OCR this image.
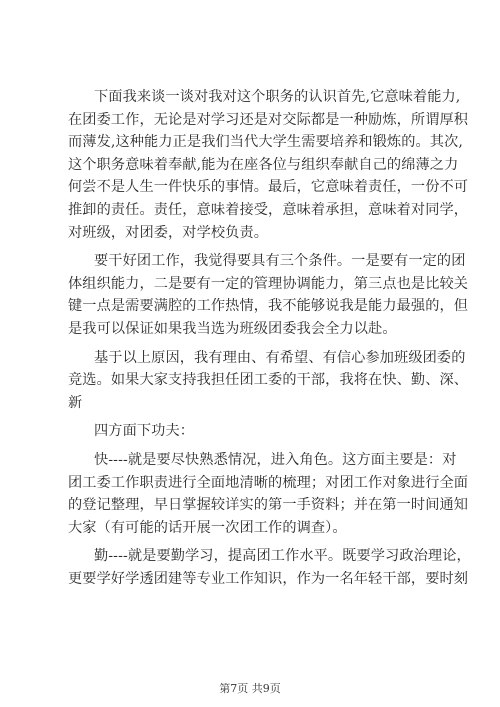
下面我来谈一谈对我对这个职务的认识首先,它意味着能力,
在团委工作，无论是对学习还是对交际都是一种励炼，所谓厚积
而薄发,这种能力正是我们当代大学生需要培养和锻炼的。其次,
这个职务意味着奉献,能为在座各位与组织奉献自己的绵薄之力
何尝不是人生一件快乐的事情。最后，它意味着责任，一份不可
推卸的责任。责任，意味着接受，意味着承担，意味着对同学，
对班级，对团委，对学校负责。
要干好团工作，我觉得要具有三个条件。一是要有一定的团
体组织能力，二是要有一定的管理协调能力，第三点也是比较关
键一点是需要满腔的工作热情，我不能够说我是能力最强的，但
是我可以保证如果我当选为班级团委我会全力以赴。
基于以上原因，我有理由、有希望、有信心参加班级团委的
竞选。如果大家支持我担任团工委的干部，我将在快、勤、深、
新
四方面下功夫：
快----就是要尽快熟悉情况，进入角色。这方面主要是：对
团工委工作职责进行全面地清晰的梳理；对团工作对象进行全面
的登记整理，早日掌握较详实的第一手资料；并在第一时间通知
大家（有可能的话开展一次团工作的调查）。
勤----就是要勤学习，提高团工作水平。既要学习政治理论，
更要学好学透团建等专业工作知识，作为一名年轻干部，要时刻
第7页 共9页
